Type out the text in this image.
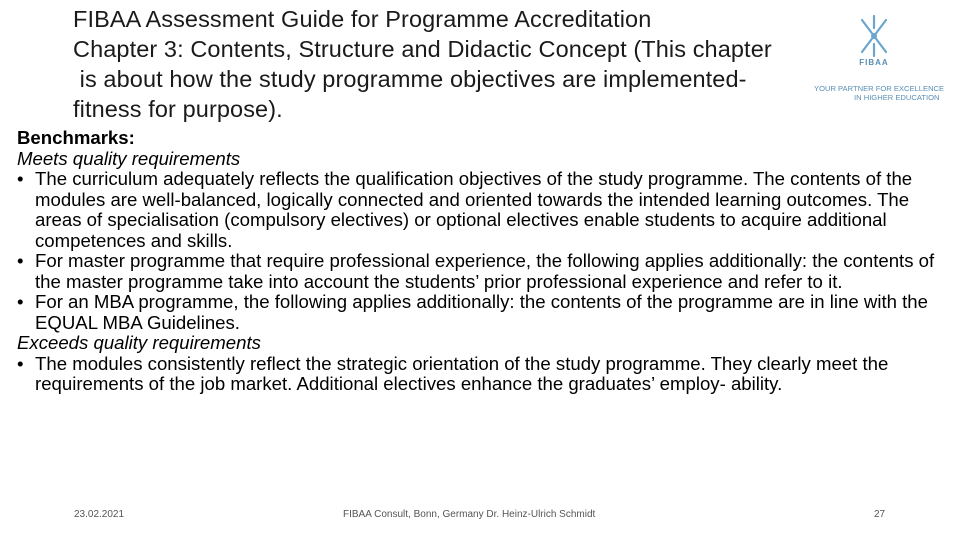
FIBAA Assessment Guide for Programme Accreditation
Chapter 3: Contents, Structure and Didactic Concept (This chapter
is about how the study programme objectives are implemented-
fitness for purpose).
FIBAA
YOUR PARTNER FOR EXCELLENCE
IN HIGHER EDUCATION

Benchmarks:

Meets quality requirements

• The curriculum adequately reflects the qualification objectives of the study programme. The contents of the modules are well-balanced, logically connected and oriented towards the intended learning outcomes. The areas of specialisation (compulsory electives) or optional electives enable students to acquire additional competences and skills.
• For master programme that require professional experience, the following applies additionally: the contents of the master programme take into account the students’ prior professional experience and refer to it.
• For an MBA programme, the following applies additionally: the contents of the programme are in line with the EQUAL MBA Guidelines.

Exceeds quality requirements

• The modules consistently reflect the strategic orientation of the study programme. They clearly meet the requirements of the job market. Additional electives enhance the graduates’ employ- ability.
23.02.2021	FIBAA Consult, Bonn, Germany Dr. Heinz-Ulrich Schmidt	27
